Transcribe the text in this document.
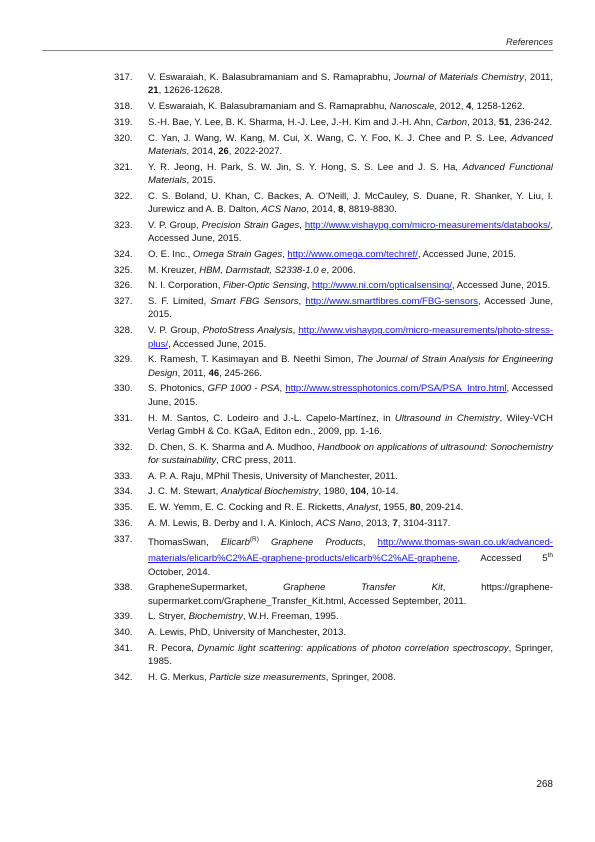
References
317. V. Eswaraiah, K. Balasubramaniam and S. Ramaprabhu, Journal of Materials Chemistry, 2011, 21, 12626-12628.
318. V. Eswaraiah, K. Balasubramaniam and S. Ramaprabhu, Nanoscale, 2012, 4, 1258-1262.
319. S.-H. Bae, Y. Lee, B. K. Sharma, H.-J. Lee, J.-H. Kim and J.-H. Ahn, Carbon, 2013, 51, 236-242.
320. C. Yan, J. Wang, W. Kang, M. Cui, X. Wang, C. Y. Foo, K. J. Chee and P. S. Lee, Advanced Materials, 2014, 26, 2022-2027.
321. Y. R. Jeong, H. Park, S. W. Jin, S. Y. Hong, S. S. Lee and J. S. Ha, Advanced Functional Materials, 2015.
322. C. S. Boland, U. Khan, C. Backes, A. O’Neill, J. McCauley, S. Duane, R. Shanker, Y. Liu, I. Jurewicz and A. B. Dalton, ACS Nano, 2014, 8, 8819-8830.
323. V. P. Group, Precision Strain Gages, http://www.vishaypg.com/micro-measurements/databooks/, Accessed June, 2015.
324. O. E. Inc., Omega Strain Gages, http://www.omega.com/techref/, Accessed June, 2015.
325. M. Kreuzer, HBM, Darmstadt, S2338-1.0 e, 2006.
326. N. I. Corporation, Fiber-Optic Sensing, http://www.ni.com/opticalsensing/, Accessed June, 2015.
327. S. F. Limited, Smart FBG Sensors, http://www.smartfibres.com/FBG-sensors, Accessed June, 2015.
328. V. P. Group, PhotoStress Analysis, http://www.vishaypg.com/micro-measurements/photo-stress-plus/, Accessed June, 2015.
329. K. Ramesh, T. Kasimayan and B. Neethi Simon, The Journal of Strain Analysis for Engineering Design, 2011, 46, 245-266.
330. S. Photonics, GFP 1000 - PSA, http://www.stressphotonics.com/PSA/PSA_Intro.html, Accessed June, 2015.
331. H. M. Santos, C. Lodeiro and J.-L. Capelo-Martínez, in Ultrasound in Chemistry, Wiley-VCH Verlag GmbH & Co. KGaA, Editon edn., 2009, pp. 1-16.
332. D. Chen, S. K. Sharma and A. Mudhoo, Handbook on applications of ultrasound: Sonochemistry for sustainability, CRC press, 2011.
333. A. P. A. Raju, MPhil Thesis, University of Manchester, 2011.
334. J. C. M. Stewart, Analytical Biochemistry, 1980, 104, 10-14.
335. E. W. Yemm, E. C. Cocking and R. E. Ricketts, Analyst, 1955, 80, 209-214.
336. A. M. Lewis, B. Derby and I. A. Kinloch, ACS Nano, 2013, 7, 3104-3117.
337. ThomasSwan, Elicarb$^{(R)}$ Graphene Products, http://www.thomas-swan.co.uk/advanced-materials/elicarb%C2%AE-graphene-products/elicarb%C2%AE-graphene, Accessed 5th October, 2014.
338. GrapheneSupermarket, Graphene Transfer Kit, https://graphene-supermarket.com/Graphene_Transfer_Kit.html, Accessed September, 2011.
339. L. Stryer, Biochemistry, W.H. Freeman, 1995.
340. A. Lewis, PhD, University of Manchester, 2013.
341. R. Pecora, Dynamic light scattering: applications of photon correlation spectroscopy, Springer, 1985.
342. H. G. Merkus, Particle size measurements, Springer, 2008.
268
